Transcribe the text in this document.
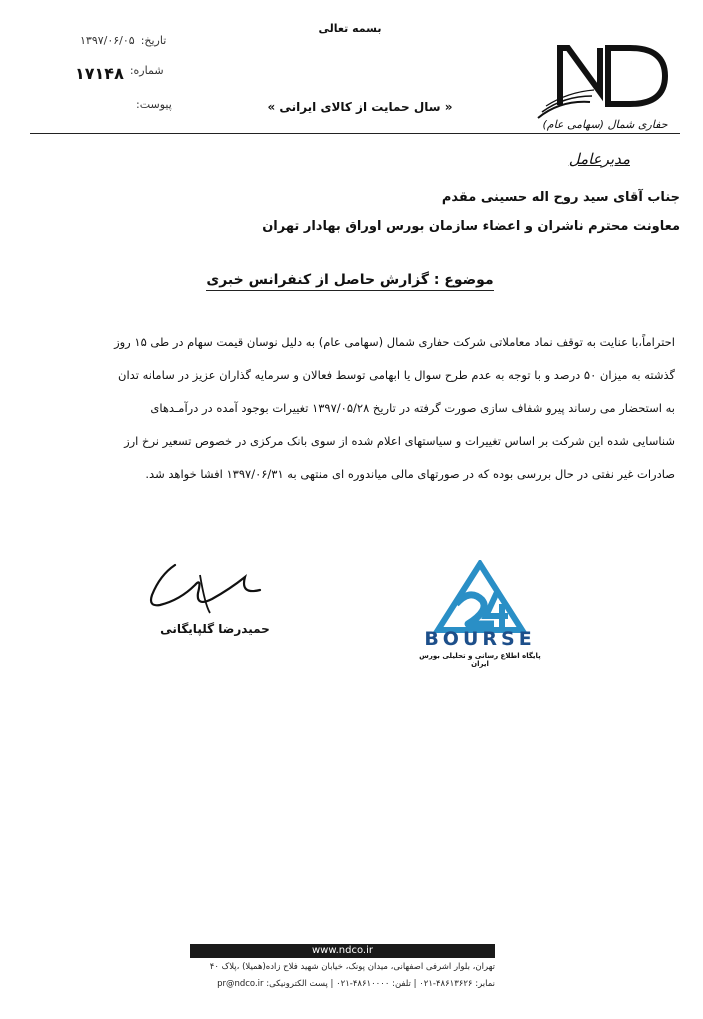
بسمه تعالی
تاریخ:
۱۳۹۷/۰۶/۰۵
شماره:
۱۷۱۴۸
پیوست:	« سال حمایت از کالای ایرانی »
حفاری شمال (سهامی عام)
مدیرعامل
جناب آقای سید روح اله حسینی مقدم
معاونت محترم ناشران و اعضاء سازمان بورس اوراق بهادار تهران
موضوع : گزارش حاصل از کنفرانس خبری
احتراماً،با عنایت به توقف نماد معاملاتی شرکت حفاری شمال (سهامی عام) به دلیل نوسان قیمت سهام در طی ۱۵ روز
گذشته به میزان ۵۰ درصد و با توجه به عدم طرح سوال یا ابهامی توسط فعالان و سرمایه گذاران عزیز در سامانه تدان
به استحضار می رساند پیرو شفاف سازی صورت گرفته در تاریخ ۱۳۹۷/۰۵/۲۸ تغییرات بوجود آمده در درآمـدهای
شناسایی شده این شرکت بر اساس تغییرات و سیاستهای اعلام شده از سوی بانک مرکزی در خصوص تسعیر نرخ ارز
صادرات غیر نفتی در حال بررسی بوده که در صورتهای مالی میاندوره ای منتهی به ۱۳۹۷/۰۶/۳۱ افشا خواهد شد.
حمیدرضا گلپایگانی	BOURSE
پایگاه اطلاع رسانی و تحلیلی بورس ایران
www.ndco.ir
تهران، بلوار اشرفی اصفهانی، میدان پونک، خیابان شهید فلاح زاده(همیلا) ،پلاک ۴۰
نمابر: ۴۸۶۱۳۶۲۶-۰۲۱ | تلفن: ۴۸۶۱۰۰۰۰-۰۲۱ | پست الکترونیکی: pr@ndco.ir
